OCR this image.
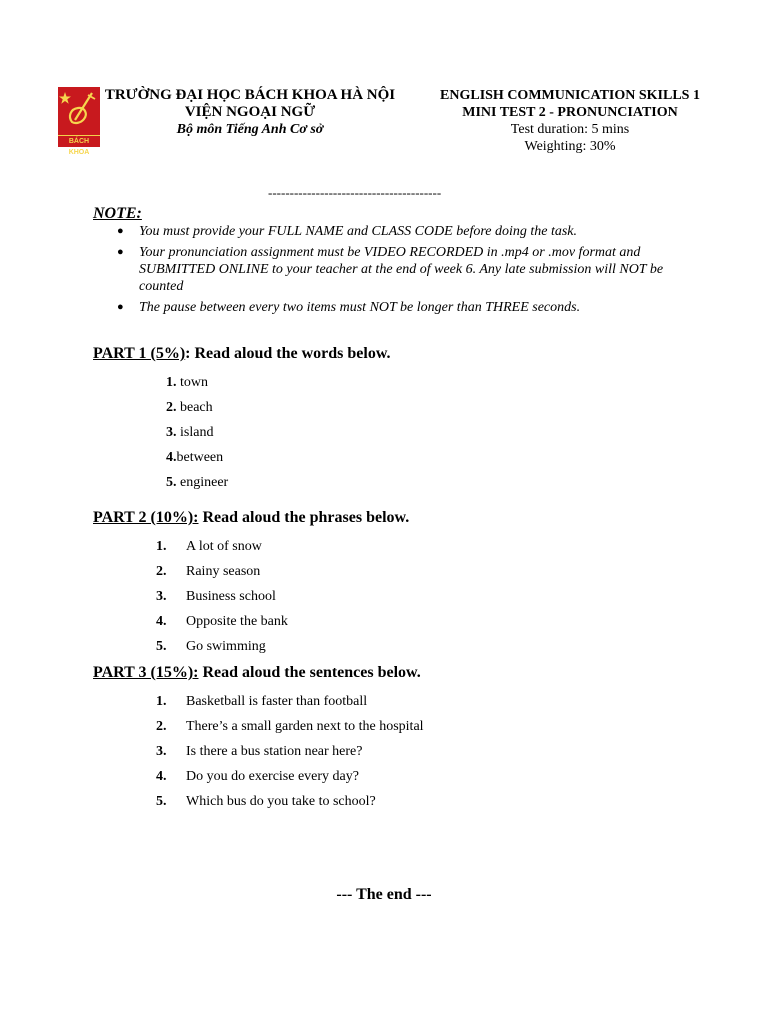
BÁCH KHOA
TRƯỜNG ĐẠI HỌC BÁCH KHOA HÀ NỘI
VIỆN NGOẠI NGỮ
Bộ môn Tiếng Anh Cơ sở
ENGLISH COMMUNICATION SKILLS 1
MINI TEST 2 - PRONUNCIATION
Test duration: 5 mins
Weighting: 30%
----------------------------------------
NOTE:
● You must provide your FULL NAME and CLASS CODE before doing the task.
● Your pronunciation assignment must be VIDEO RECORDED in .mp4 or .mov format and SUBMITTED ONLINE to your teacher at the end of week 6. Any late submission will NOT be counted
● The pause between every two items must NOT be longer than THREE seconds.
PART 1 (5%): Read aloud the words below.
1. town
2. beach
3. island
4.between
5. engineer
PART 2 (10%): Read aloud the phrases below.
1. A lot of snow
2. Rainy season
3. Business school
4. Opposite the bank
5. Go swimming
PART 3 (15%): Read aloud the sentences below.
1. Basketball is faster than football
2. There’s a small garden next to the hospital
3. Is there a bus station near here?
4. Do you do exercise every day?
5. Which bus do you take to school?
--- The end ---
